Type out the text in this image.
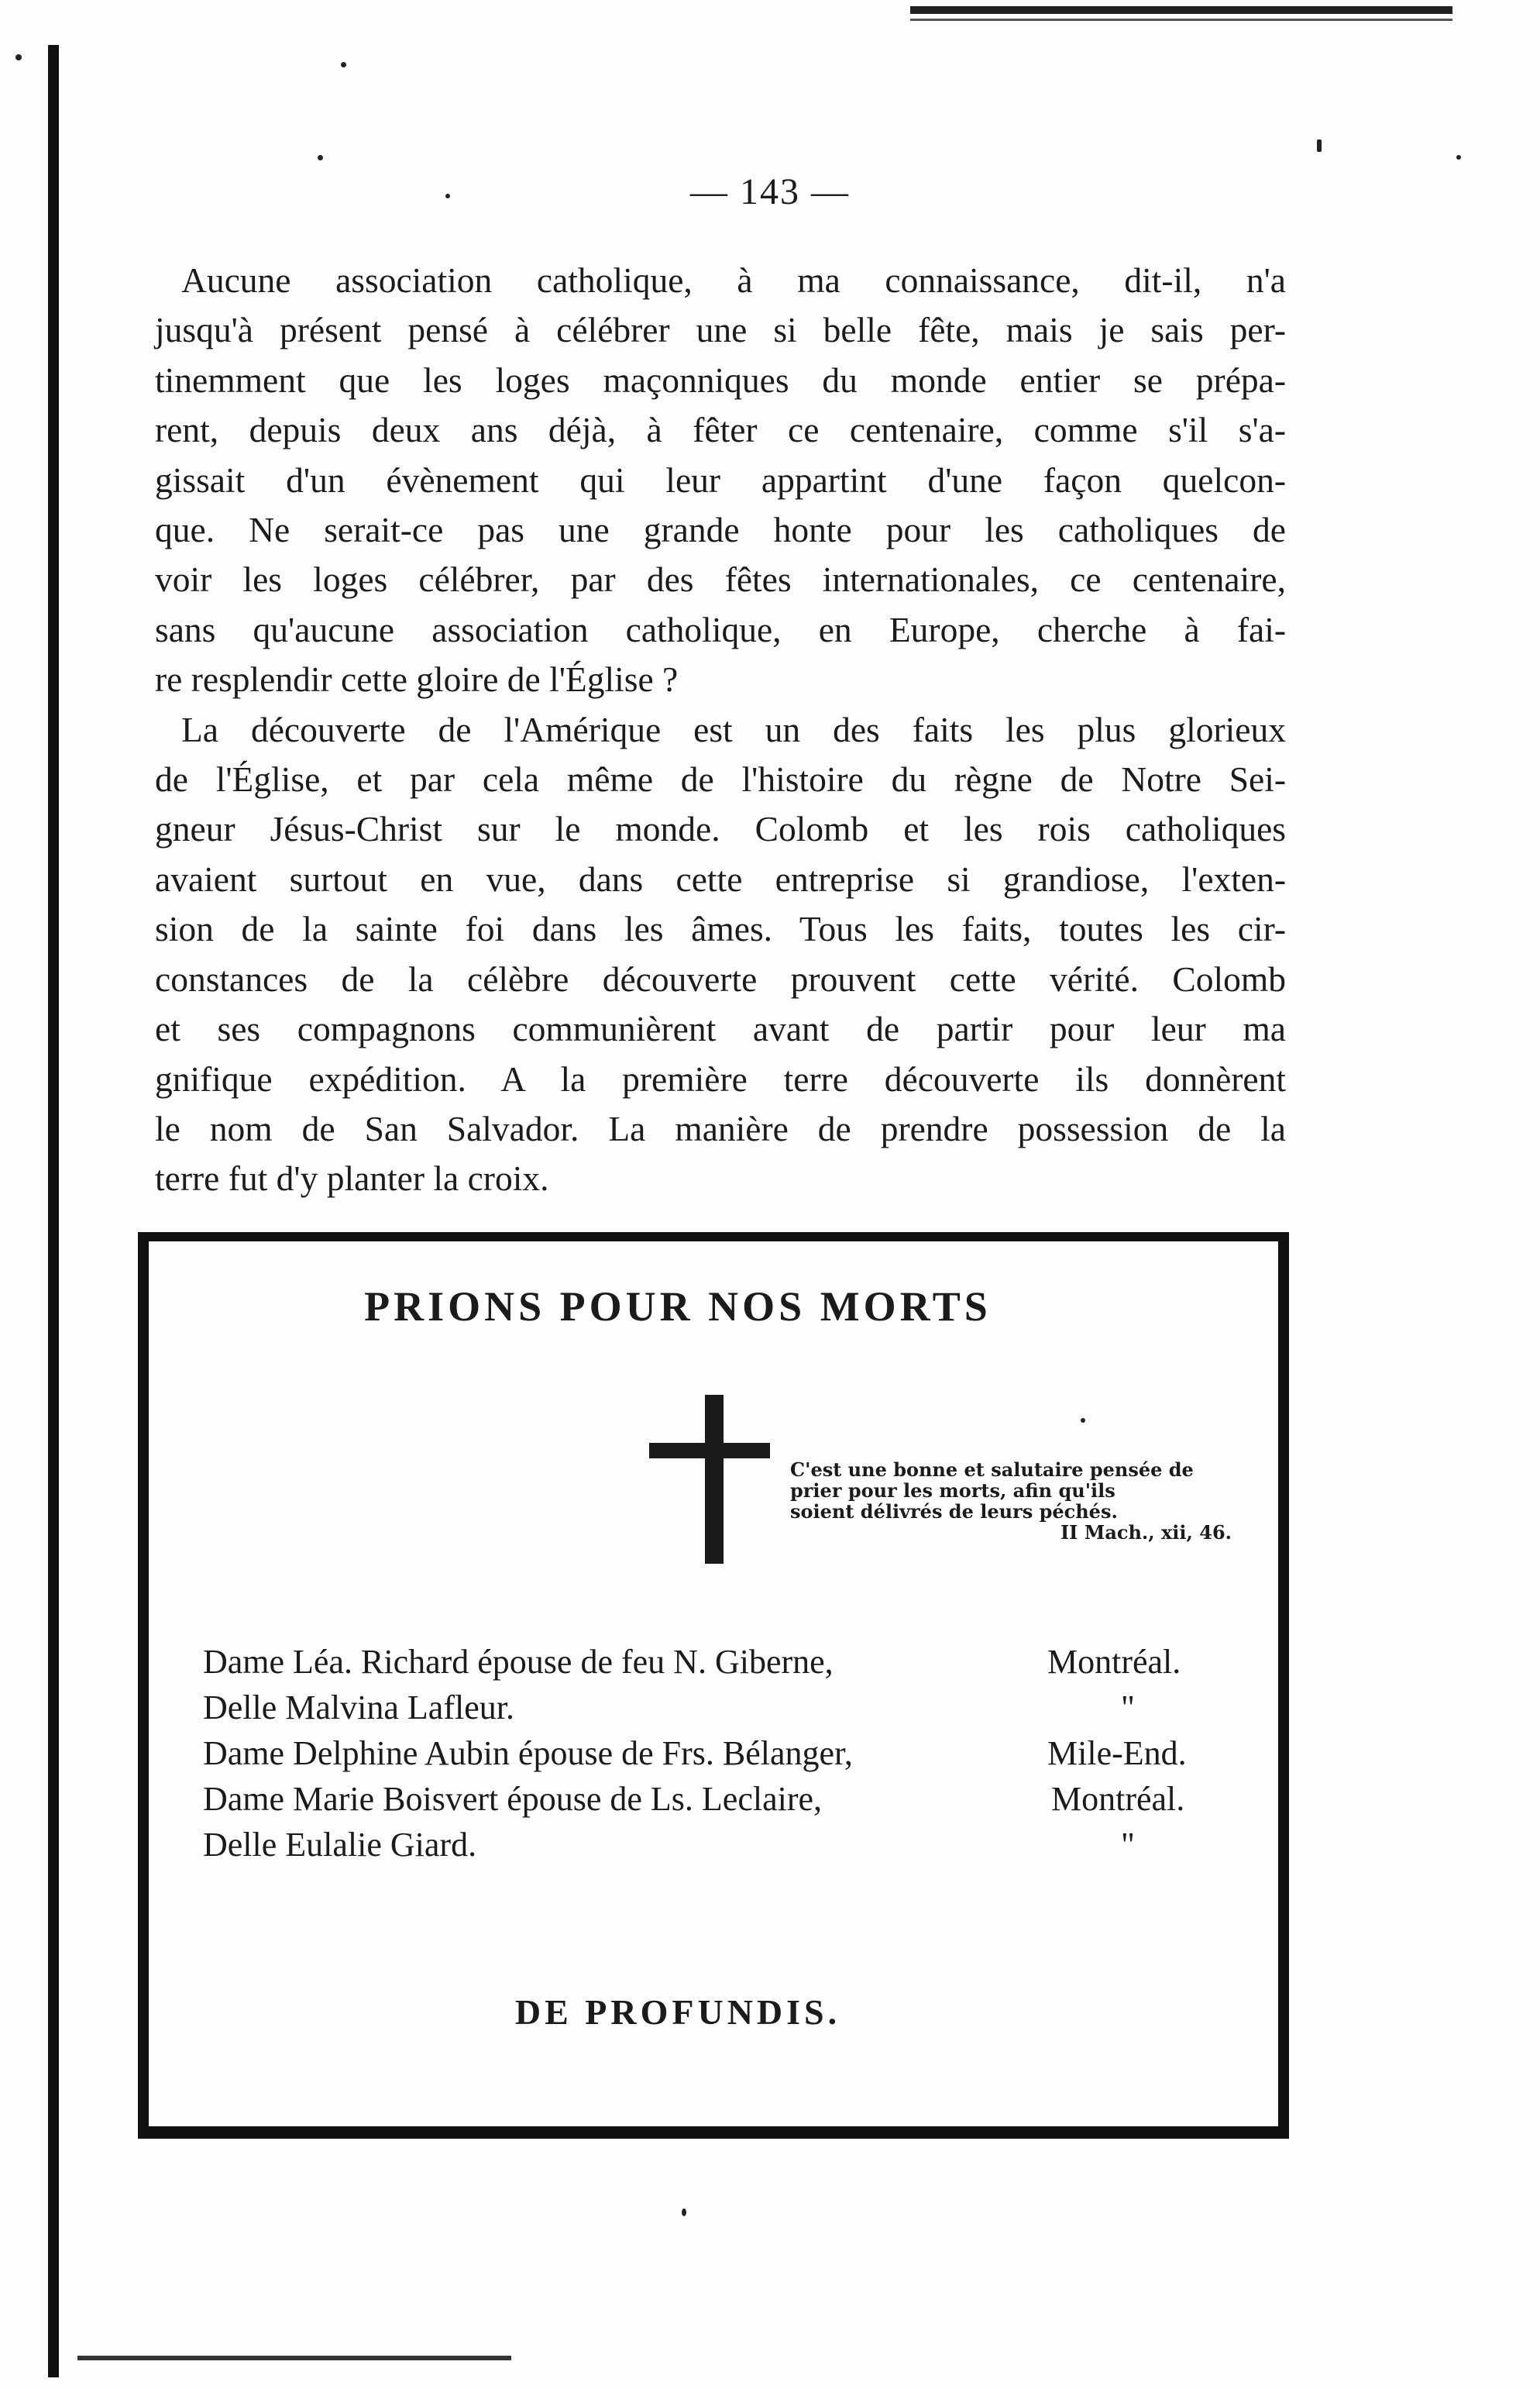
— 143 —
Aucune association catholique, à ma connaissance, dit-il, n'a
jusqu'à présent pensé à célébrer une si belle fête, mais je sais per-
tinemment que les loges maçonniques du monde entier se prépa-
rent, depuis deux ans déjà, à fêter ce centenaire, comme s'il s'a-
gissait d'un évènement qui leur appartint d'une façon quelcon-
que. Ne serait-ce pas une grande honte pour les catholiques de
voir les loges célébrer, par des fêtes internationales, ce centenaire,
sans qu'aucune association catholique, en Europe, cherche à fai-
re resplendir cette gloire de l'Église ?
La découverte de l'Amérique est un des faits les plus glorieux
de l'Église, et par cela même de l'histoire du règne de Notre Sei-
gneur Jésus-Christ sur le monde. Colomb et les rois catholiques
avaient surtout en vue, dans cette entreprise si grandiose, l'exten-
sion de la sainte foi dans les âmes. Tous les faits, toutes les cir-
constances de la célèbre découverte prouvent cette vérité. Colomb
et ses compagnons communièrent avant de partir pour leur ma
gnifique expédition. A la première terre découverte ils donnèrent
le nom de San Salvador. La manière de prendre possession de la
terre fut d'y planter la croix.
PRIONS POUR NOS MORTS
C'est une bonne et salutaire pensée de
prier pour les morts, afin qu'ils
soient délivrés de leurs péchés.
II Mach., xii, 46.
Dame Léa. Richard épouse de feu N. Giberne,	Montréal.
Delle Malvina Lafleur.	"
Dame Delphine Aubin épouse de Frs. Bélanger,	Mile-End.
Dame Marie Boisvert épouse de Ls. Leclaire,	Montréal.
Delle Eulalie Giard.	"
DE PROFUNDIS.
